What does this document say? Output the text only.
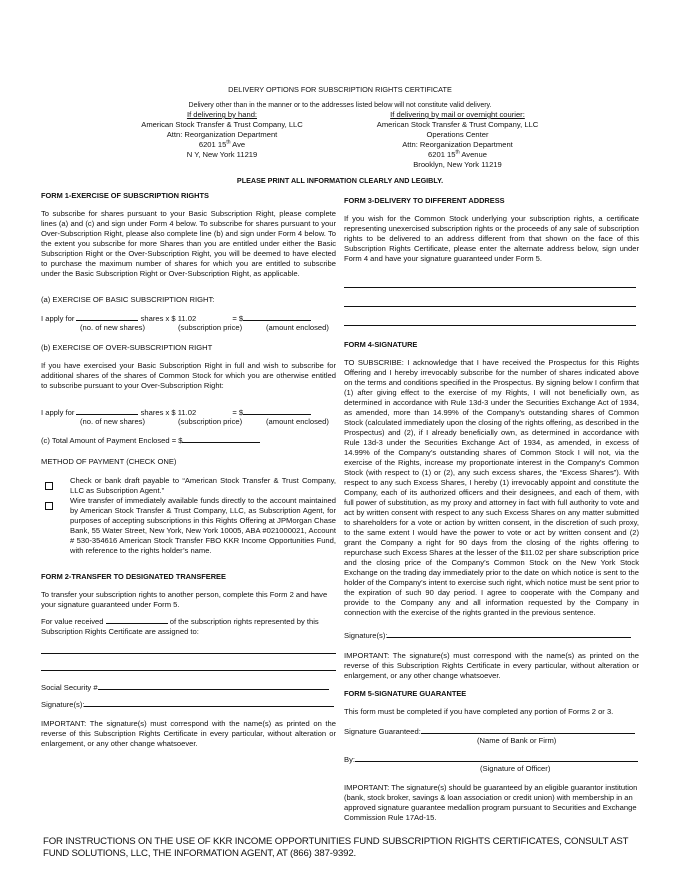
DELIVERY OPTIONS FOR SUBSCRIPTION RIGHTS CERTIFICATE
Delivery other than in the manner or to the addresses listed below will not constitute valid delivery.
If delivering by hand:
American Stock Transfer & Trust Company, LLC
Attn: Reorganization Department
6201 15th Ave
N Y, New York 11219
If delivering by mail or overnight courier:
American Stock Transfer & Trust Company, LLC
Operations Center
Attn: Reorganization Department
6201 15th Avenue
Brooklyn, New York 11219
PLEASE PRINT ALL INFORMATION CLEARLY AND LEGIBLY.
FORM 1-EXERCISE OF SUBSCRIPTION RIGHTS
To subscribe for shares pursuant to your Basic Subscription Right, please complete lines (a) and (c) and sign under Form 4 below. To subscribe for shares pursuant to your Over-Subscription Right, please also complete line (b) and sign under Form 4 below. To the extent you subscribe for more Shares than you are entitled under either the Basic Subscription Right or the Over-Subscription Right, you will be deemed to have elected to purchase the maximum number of shares for which you are entitled to subscribe under the Basic Subscription Right or Over-Subscription Right, as applicable.
(a) EXERCISE OF BASIC SUBSCRIPTION RIGHT:
I apply for	shares x $ 11.02	= $
(no. of new shares)	(subscription price)	(amount enclosed)
(b) EXERCISE OF OVER-SUBSCRIPTION RIGHT
If you have exercised your Basic Subscription Right in full and wish to subscribe for additional shares of the shares of Common Stock for which you are otherwise entitled to subscribe pursuant to your Over-Subscription Right:
I apply for	shares x $ 11.02	= $
(no. of new shares)	(subscription price)	(amount enclosed)
(c) Total Amount of Payment Enclosed = $
METHOD OF PAYMENT (CHECK ONE)
Check or bank draft payable to “American Stock Transfer & Trust Company, LLC as Subscription Agent.”
Wire transfer of immediately available funds directly to the account maintained by American Stock Transfer & Trust Company, LLC, as Subscription Agent, for purposes of accepting subscriptions in this Rights Offering at JPMorgan Chase Bank, 55 Water Street, New York, New York 10005, ABA #021000021, Account # 530-354616 American Stock Transfer FBO KKR Income Opportunities Fund, with reference to the rights holder’s name.
FORM 2-TRANSFER TO DESIGNATED TRANSFEREE
To transfer your subscription rights to another person, complete this Form 2 and have your signature guaranteed under Form 5.
For value received	of the subscription rights represented by this Subscription Rights Certificate are assigned to:
Social Security #
Signature(s):
IMPORTANT: The signature(s) must correspond with the name(s) as printed on the reverse of this Subscription Rights Certificate in every particular, without alteration or enlargement, or any other change whatsoever.
FORM 3-DELIVERY TO DIFFERENT ADDRESS
If you wish for the Common Stock underlying your subscription rights, a certificate representing unexercised subscription rights or the proceeds of any sale of subscription rights to be delivered to an address different from that shown on the face of this Subscription Rights Certificate, please enter the alternate address below, sign under Form 4 and have your signature guaranteed under Form 5.
FORM 4-SIGNATURE
TO SUBSCRIBE: I acknowledge that I have received the Prospectus for this Rights Offering and I hereby irrevocably subscribe for the number of shares indicated above on the terms and conditions specified in the Prospectus. By signing below I confirm that (1) after giving effect to the exercise of my Rights, I will not beneficially own, as determined in accordance with Rule 13d-3 under the Securities Exchange Act of 1934, as amended, more than 14.99% of the Company’s outstanding shares of Common Stock (calculated immediately upon the closing of the rights offering, as described in the Prospectus) and (2), if I already beneficially own, as determined in accordance with Rule 13d-3 under the Securities Exchange Act of 1934, as amended, in excess of 14.99% of the Company’s outstanding shares of Common Stock I will not, via the exercise of the Rights, increase my proportionate interest in the Company’s Common Stock (with respect to (1) or (2), any such excess shares, the “Excess Shares”). With respect to any such Excess Shares, I hereby (1) irrevocably appoint and constitute the Company, each of its authorized officers and their designees, and each of them, with full power of substitution, as my proxy and attorney in fact with full authority to vote and act by written consent with respect to any such Excess Shares on any matter submitted to shareholders for a vote or action by written consent, in the discretion of such proxy, to the same extent I would have the power to vote or act by written consent and (2) grant the Company a right for 90 days from the closing of the rights offering to repurchase such Excess Shares at the lesser of the $11.02 per share subscription price and the closing price of the Company’s Common Stock on the New York Stock Exchange on the trading day immediately prior to the date on which notice is sent to the holder of the Company’s intent to exercise such right, which notice must be sent prior to the expiration of such 90 day period. I agree to cooperate with the Company and provide to the Company any and all information requested by the Company in connection with the exercise of the rights granted in the previous sentence.
Signature(s):
IMPORTANT: The signature(s) must correspond with the name(s) as printed on the reverse of this Subscription Rights Certificate in every particular, without alteration or enlargement, or any other change whatsoever.
FORM 5-SIGNATURE GUARANTEE
This form must be completed if you have completed any portion of Forms 2 or 3.
Signature Guaranteed:
(Name of Bank or Firm)
By:
(Signature of Officer)
IMPORTANT: The signature(s) should be guaranteed by an eligible guarantor institution (bank, stock broker, savings & loan association or credit union) with membership in an approved signature guarantee medallion program pursuant to Securities and Exchange Commission Rule 17Ad-15.
FOR INSTRUCTIONS ON THE USE OF KKR INCOME OPPORTUNITIES FUND SUBSCRIPTION RIGHTS CERTIFICATES, CONSULT AST FUND SOLUTIONS, LLC, THE INFORMATION AGENT, AT (866) 387-9392.
